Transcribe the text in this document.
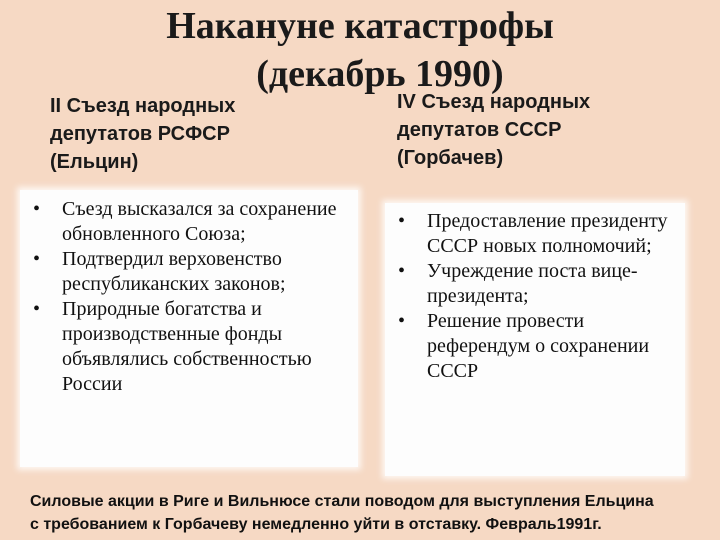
Накануне катастрофы
(декабрь 1990)
II Съезд народных
депутатов РСФСР
(Ельцин)
IV Съезд народных
депутатов СССР
(Горбачев)
• Съезд высказался за сохранение обновленного Союза;
• Подтвердил верховенство республиканских законов;
• Природные богатства и производственные фонды объявлялись собственностью России
• Предоставление президенту СССР новых полномочий;
• Учреждение поста вице-президента;
• Решение провести референдум о сохранении СССР
Силовые акции в Риге и Вильнюсе стали поводом для выступления Ельцина
с требованием к Горбачеву немедленно уйти в отставку. Февраль1991г.
